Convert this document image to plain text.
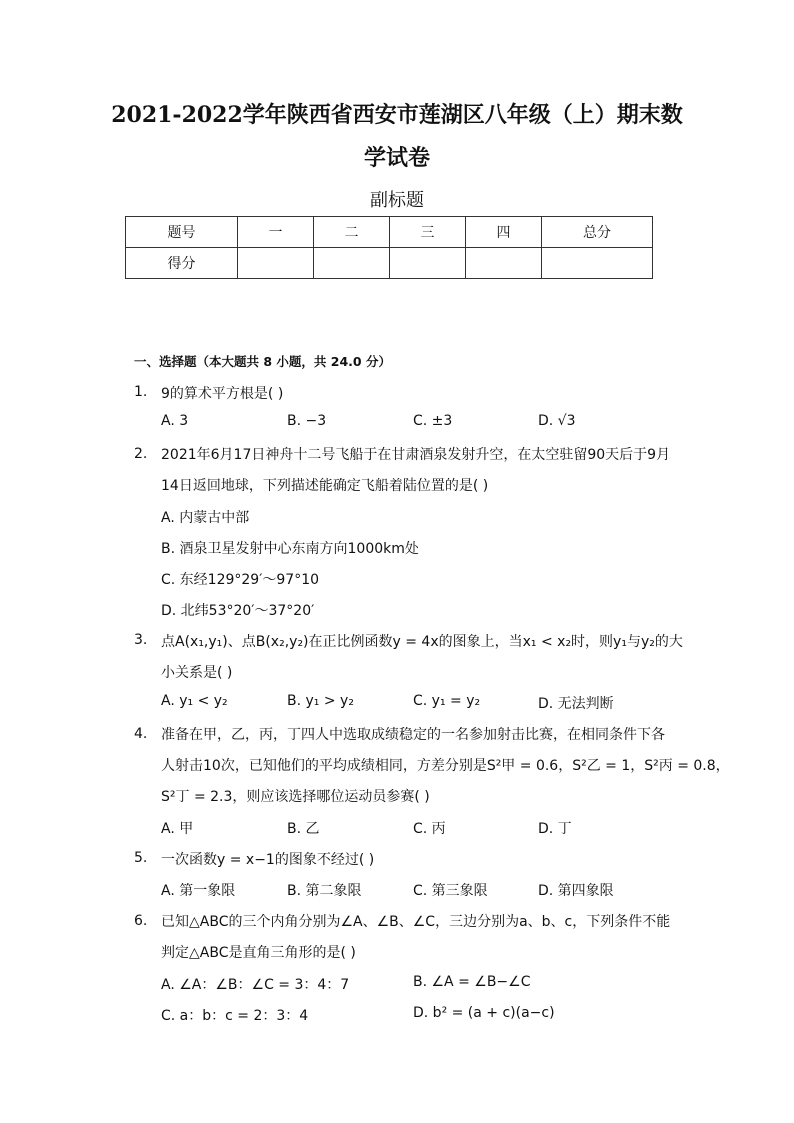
2021-2022学年陕西省西安市莲湖区八年级（上）期末数
学试卷
副标题
题号	一	二	三	四	总分
得分					
一、选择题（本大题共 8 小题，共 24.0 分）
1. 9的算术平方根是( )
A. 3	B. −3	C. ±3	D. √3
2. 2021年6月17日神舟十二号飞船于在甘肃酒泉发射升空，在太空驻留90天后于9月
14日返回地球，下列描述能确定飞船着陆位置的是( )
A. 内蒙古中部
B. 酒泉卫星发射中心东南方向1000km处
C. 东经129°29′～97°10
D. 北纬53°20′～37°20′
3. 点A(x₁,y₁)、点B(x₂,y₂)在正比例函数y = 4x的图象上，当x₁ < x₂时，则y₁与y₂的大
小关系是( )
A. y₁ < y₂	B. y₁ > y₂	C. y₁ = y₂	D. 无法判断
4. 准备在甲，乙，丙，丁四人中选取成绩稳定的一名参加射击比赛，在相同条件下各
人射击10次，已知他们的平均成绩相同，方差分别是S²甲 = 0.6，S²乙 = 1，S²丙 = 0.8，
S²丁 = 2.3，则应该选择哪位运动员参赛( )
A. 甲	B. 乙	C. 丙	D. 丁
5. 一次函数y = x−1的图象不经过( )
A. 第一象限	B. 第二象限	C. 第三象限	D. 第四象限
6. 已知△ABC的三个内角分别为∠A、∠B、∠C，三边分别为a、b、c，下列条件不能
判定△ABC是直角三角形的是( )
A. ∠A：∠B：∠C = 3：4：7	B. ∠A = ∠B−∠C
C. a：b：c = 2：3：4	D. b² = (a + c)(a−c)
